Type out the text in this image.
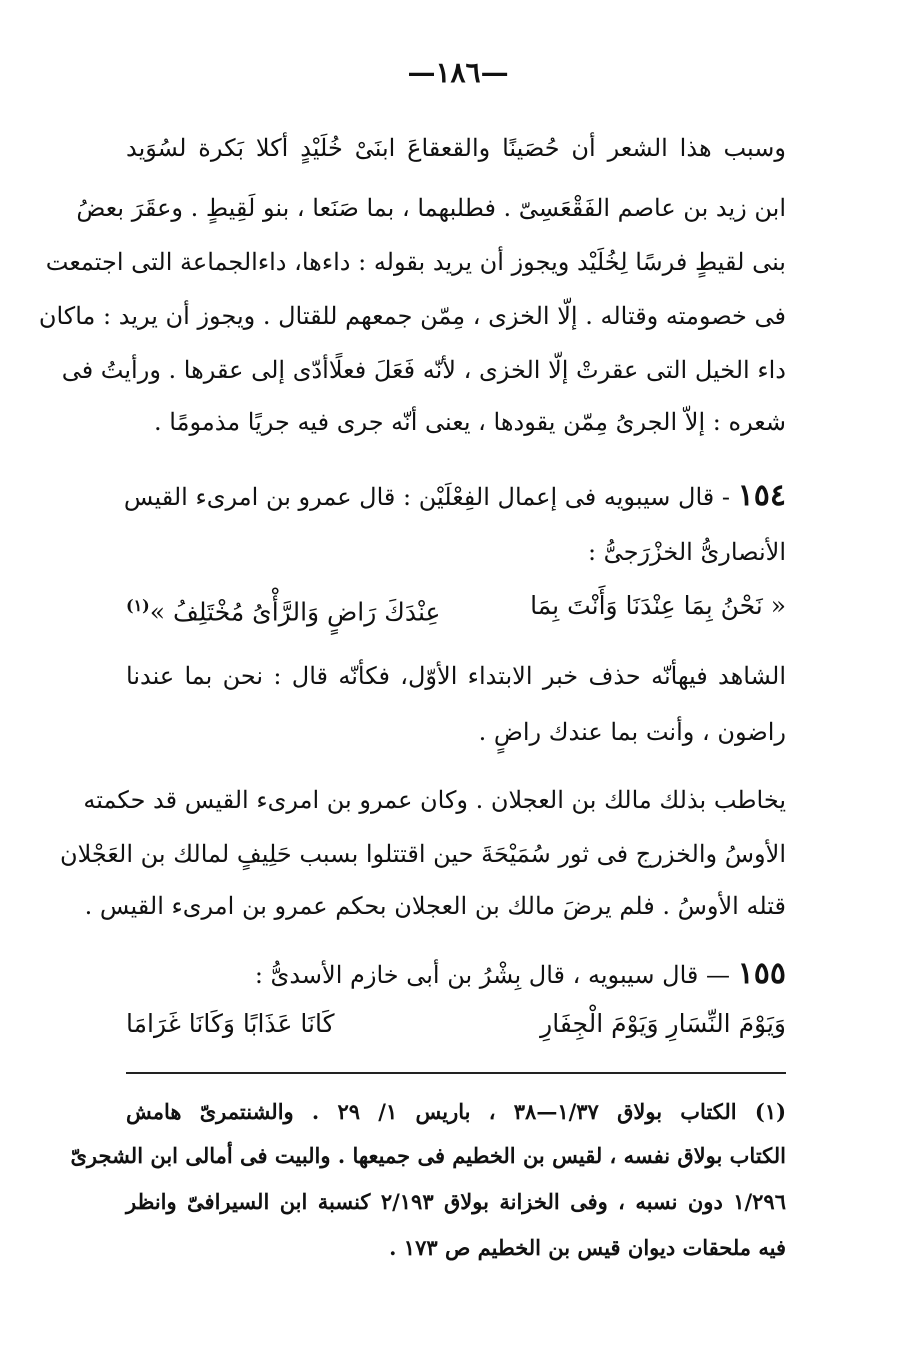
—١٨٦—
وسبب هذا الشعر أن حُصَينًا والقعقاعَ ابنَىْ خُلَيْدٍ أكلا بَكرة لسُوَيد
ابن زيد بن عاصم الفَقْعَسِىّ . فطلبهما ، بما صَنَعا ، بنو لَقِيطٍ . وعقَرَ بعضُ
بنى لقيطٍ فرسًا لِخُلَيْد ويجوز أن يريد بقوله : داءها، داءالجماعة التى اجتمعت
فى خصومته وقتاله . إلّا الخزى ، مِمّن جمعهم للقتال . ويجوز أن يريد : ماكان
داء الخيل التى عقرتْ إلّا الخزى ، لأنّه فَعَلَ فعلًاأدّى إلى عقرها . ورأيتُ فى
شعره : إلاّ الجرىُ مِمّن يقودها ، يعنى أنّه جرى فيه جريًا مذمومًا .
١٥٤ - قال سيبويه فى إعمال الفِعْلَيْن : قال عمرو بن امرىء القيس
الأنصارىُّ الخزْرَجىُّ :
« نَحْنُ بِمَا عِنْدَنَا وَأَنْتَ بِمَا
عِنْدَكَ رَاضٍ وَالرَّأْىُ مُخْتَلِفُ »$^{(١)}$
الشاهد فيهأنّه حذف خبر الابتداء الأوّل، فكأنّه قال : نحن بما عندنا
راضون ، وأنت بما عندك راضٍ .
يخاطب بذلك مالك بن العجلان . وكان عمرو بن امرىء القيس قد حكمته
الأوسُ والخزرج فى ثور سُمَيْحَةَ حين اقتتلوا بسبب حَلِيفٍ لمالك بن العَجْلان
قتله الأوسُ . فلم يرضَ مالك بن العجلان بحكم عمرو بن امرىء القيس .
١٥٥ — قال سيبويه ، قال بِشْرُ بن أبى خازم الأسدىُّ :
وَيَوْمَ النِّسَارِ وَيَوْمَ الْجِفَارِ
كَانَا عَذَابًا وَكَانَا غَرَامَا
(١) الكتاب بولاق ١/٣٧—٣٨ ، باريس ١/ ٢٩ . والشنتمرىّ هامش
الكتاب بولاق نفسه ، لقيس بن الخطيم فى جميعها . والبيت فى أمالى ابن الشجرىّ
١/٢٩٦ دون نسبه ، وفى الخزانة بولاق ٢/١٩٣ كنسبة ابن السيرافىّ وانظر
فيه ملحقات ديوان قيس بن الخطيم ص ١٧٣ .
